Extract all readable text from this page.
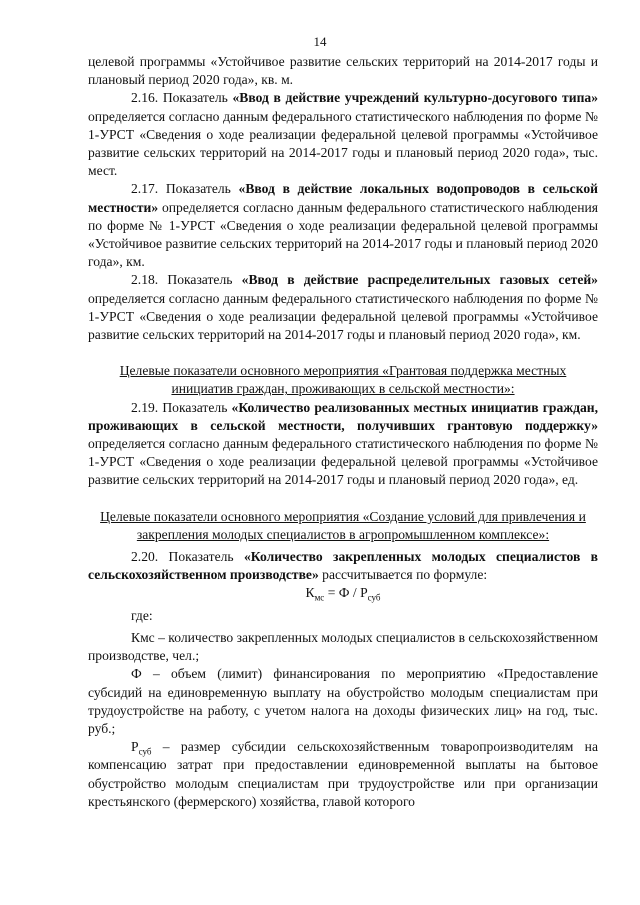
14

целевой программы «Устойчивое развитие сельских территорий на 2014-2017 годы и плановый период 2020 года», кв. м.

2.16. Показатель «Ввод в действие учреждений культурно-досугового типа» определяется согласно данным федерального статистического наблюдения по форме № 1-УРСТ «Сведения о ходе реализации федеральной целевой программы «Устойчивое развитие сельских территорий на 2014-2017 годы и плановый период 2020 года», тыс. мест.

2.17. Показатель «Ввод в действие локальных водопроводов в сельской местности» определяется согласно данным федерального статистического наблюдения по форме № 1-УРСТ «Сведения о ходе реализации федеральной целевой программы «Устойчивое развитие сельских территорий на 2014-2017 годы и плановый период 2020 года», км.

2.18. Показатель «Ввод в действие распределительных газовых сетей» определяется согласно данным федерального статистического наблюдения по форме № 1-УРСТ «Сведения о ходе реализации федеральной целевой программы «Устойчивое развитие сельских территорий на 2014-2017 годы и плановый период 2020 года», км.

Целевые показатели основного мероприятия «Грантовая поддержка местных инициатив граждан, проживающих в сельской местности»:

2.19. Показатель «Количество реализованных местных инициатив граждан, проживающих в сельской местности, получивших грантовую поддержку» определяется согласно данным федерального статистического наблюдения по форме № 1-УРСТ «Сведения о ходе реализации федеральной целевой программы «Устойчивое развитие сельских территорий на 2014-2017 годы и плановый период 2020 года», ед.

Целевые показатели основного мероприятия «Создание условий для привлечения и закрепления молодых специалистов в агропромышленном комплексе»:

2.20. Показатель «Количество закрепленных молодых специалистов в сельскохозяйственном производстве» рассчитывается по формуле:

$К_{мс} = Ф / Р_{суб}$

где:

Кмс – количество закрепленных молодых специалистов в сельскохозяйственном производстве, чел.;

Ф – объем (лимит) финансирования по мероприятию «Предоставление субсидий на единовременную выплату на обустройство молодым специалистам при трудоустройстве на работу, с учетом налога на доходы физических лиц» на год, тыс. руб.;

$Р_{суб}$ – размер субсидии сельскохозяйственным товаропроизводителям на компенсацию затрат при предоставлении единовременной выплаты на бытовое обустройство молодым специалистам при трудоустройстве или при организации крестьянского (фермерского) хозяйства, главой которого
